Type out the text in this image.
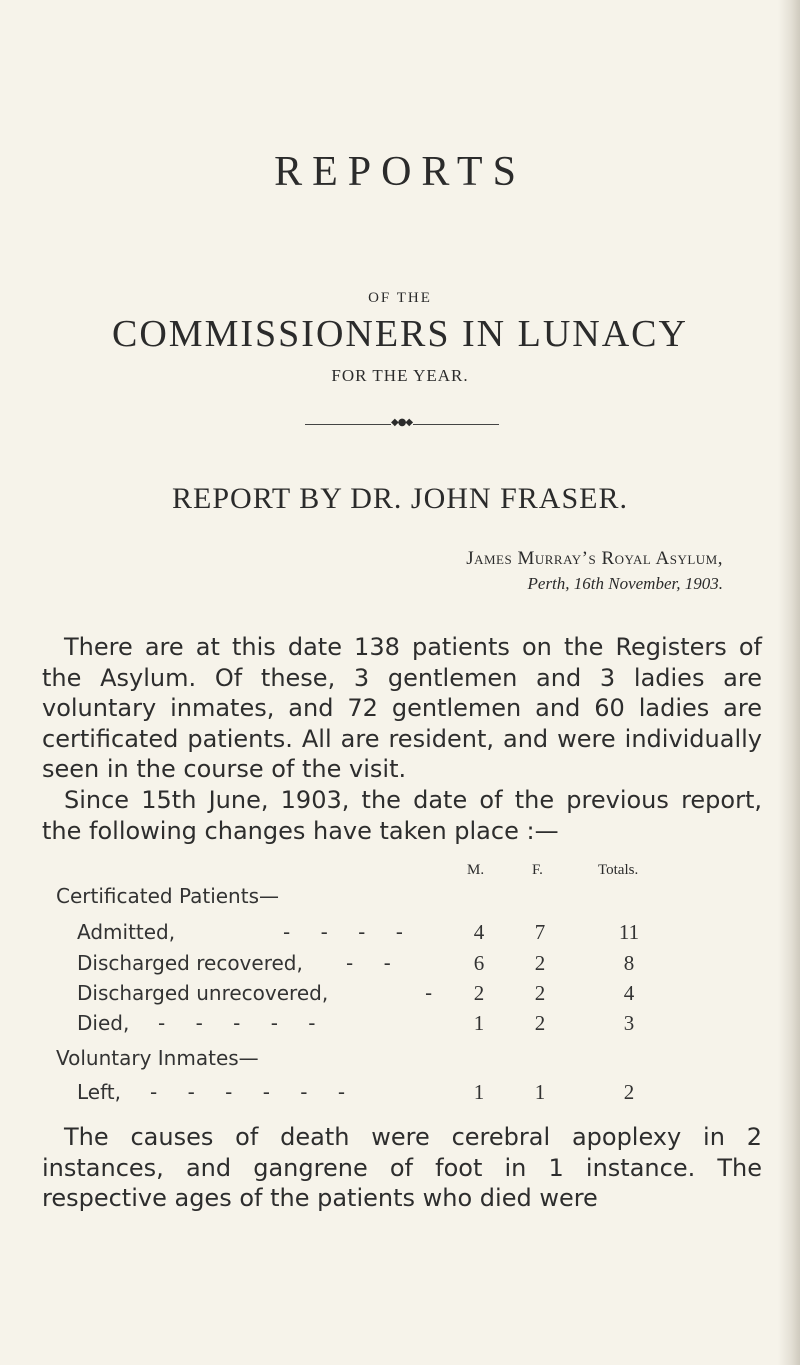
REPORTS
OF THE
COMMISSIONERS IN LUNACY
FOR THE YEAR.
◆●◆
REPORT BY DR. JOHN FRASER.
James Murray’s Royal Asylum,
Perth, 16th November, 1903.
There are at this date 138 patients on the Registers of the Asylum. Of these, 3 gentlemen and 3 ladies are voluntary inmates, and 72 gentlemen and 60 ladies are certificated patients. All are resident, and were individually seen in the course of the visit.
Since 15th June, 1903, the date of the previous report, the following changes have taken place :—
M.	F.	Totals.
Certificated Patients—
Admitted,	- - - -	4	7	11
Discharged recovered, - -	6	2	8
Discharged unrecovered,	-	2	2	4
Died, - - - - -	1	2	3
Voluntary Inmates—
Left, - - - - - -	1	1	2
The causes of death were cerebral apoplexy in 2 instances, and gangrene of foot in 1 instance. The respective ages of the patients who died were
